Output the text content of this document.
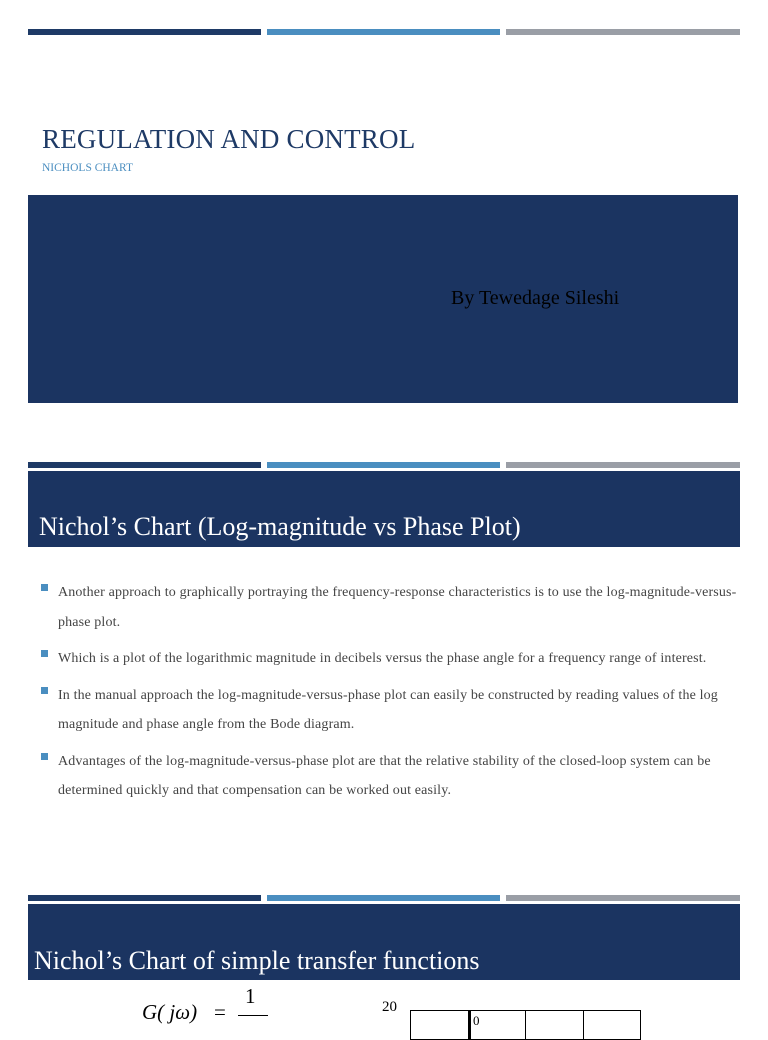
REGULATION AND CONTROL

NICHOLS CHART

By Tewedage Sileshi

Nichol’s Chart (Log-magnitude vs Phase Plot)
Another approach to graphically portraying the frequency-response characteristics is to use the log-magnitude-versus-phase plot.
Which is a plot of the logarithmic magnitude in decibels versus the phase angle for a frequency range of interest.
In the manual approach the log-magnitude-versus-phase plot can easily be constructed by reading values of the log magnitude and phase angle from the Bode diagram.
Advantages of the log-magnitude-versus-phase plot are that the relative stability of the closed-loop system can be determined quickly and that compensation can be worked out easily.
Nichol’s Chart of simple transfer functions
G( jω) =
1	20

0
